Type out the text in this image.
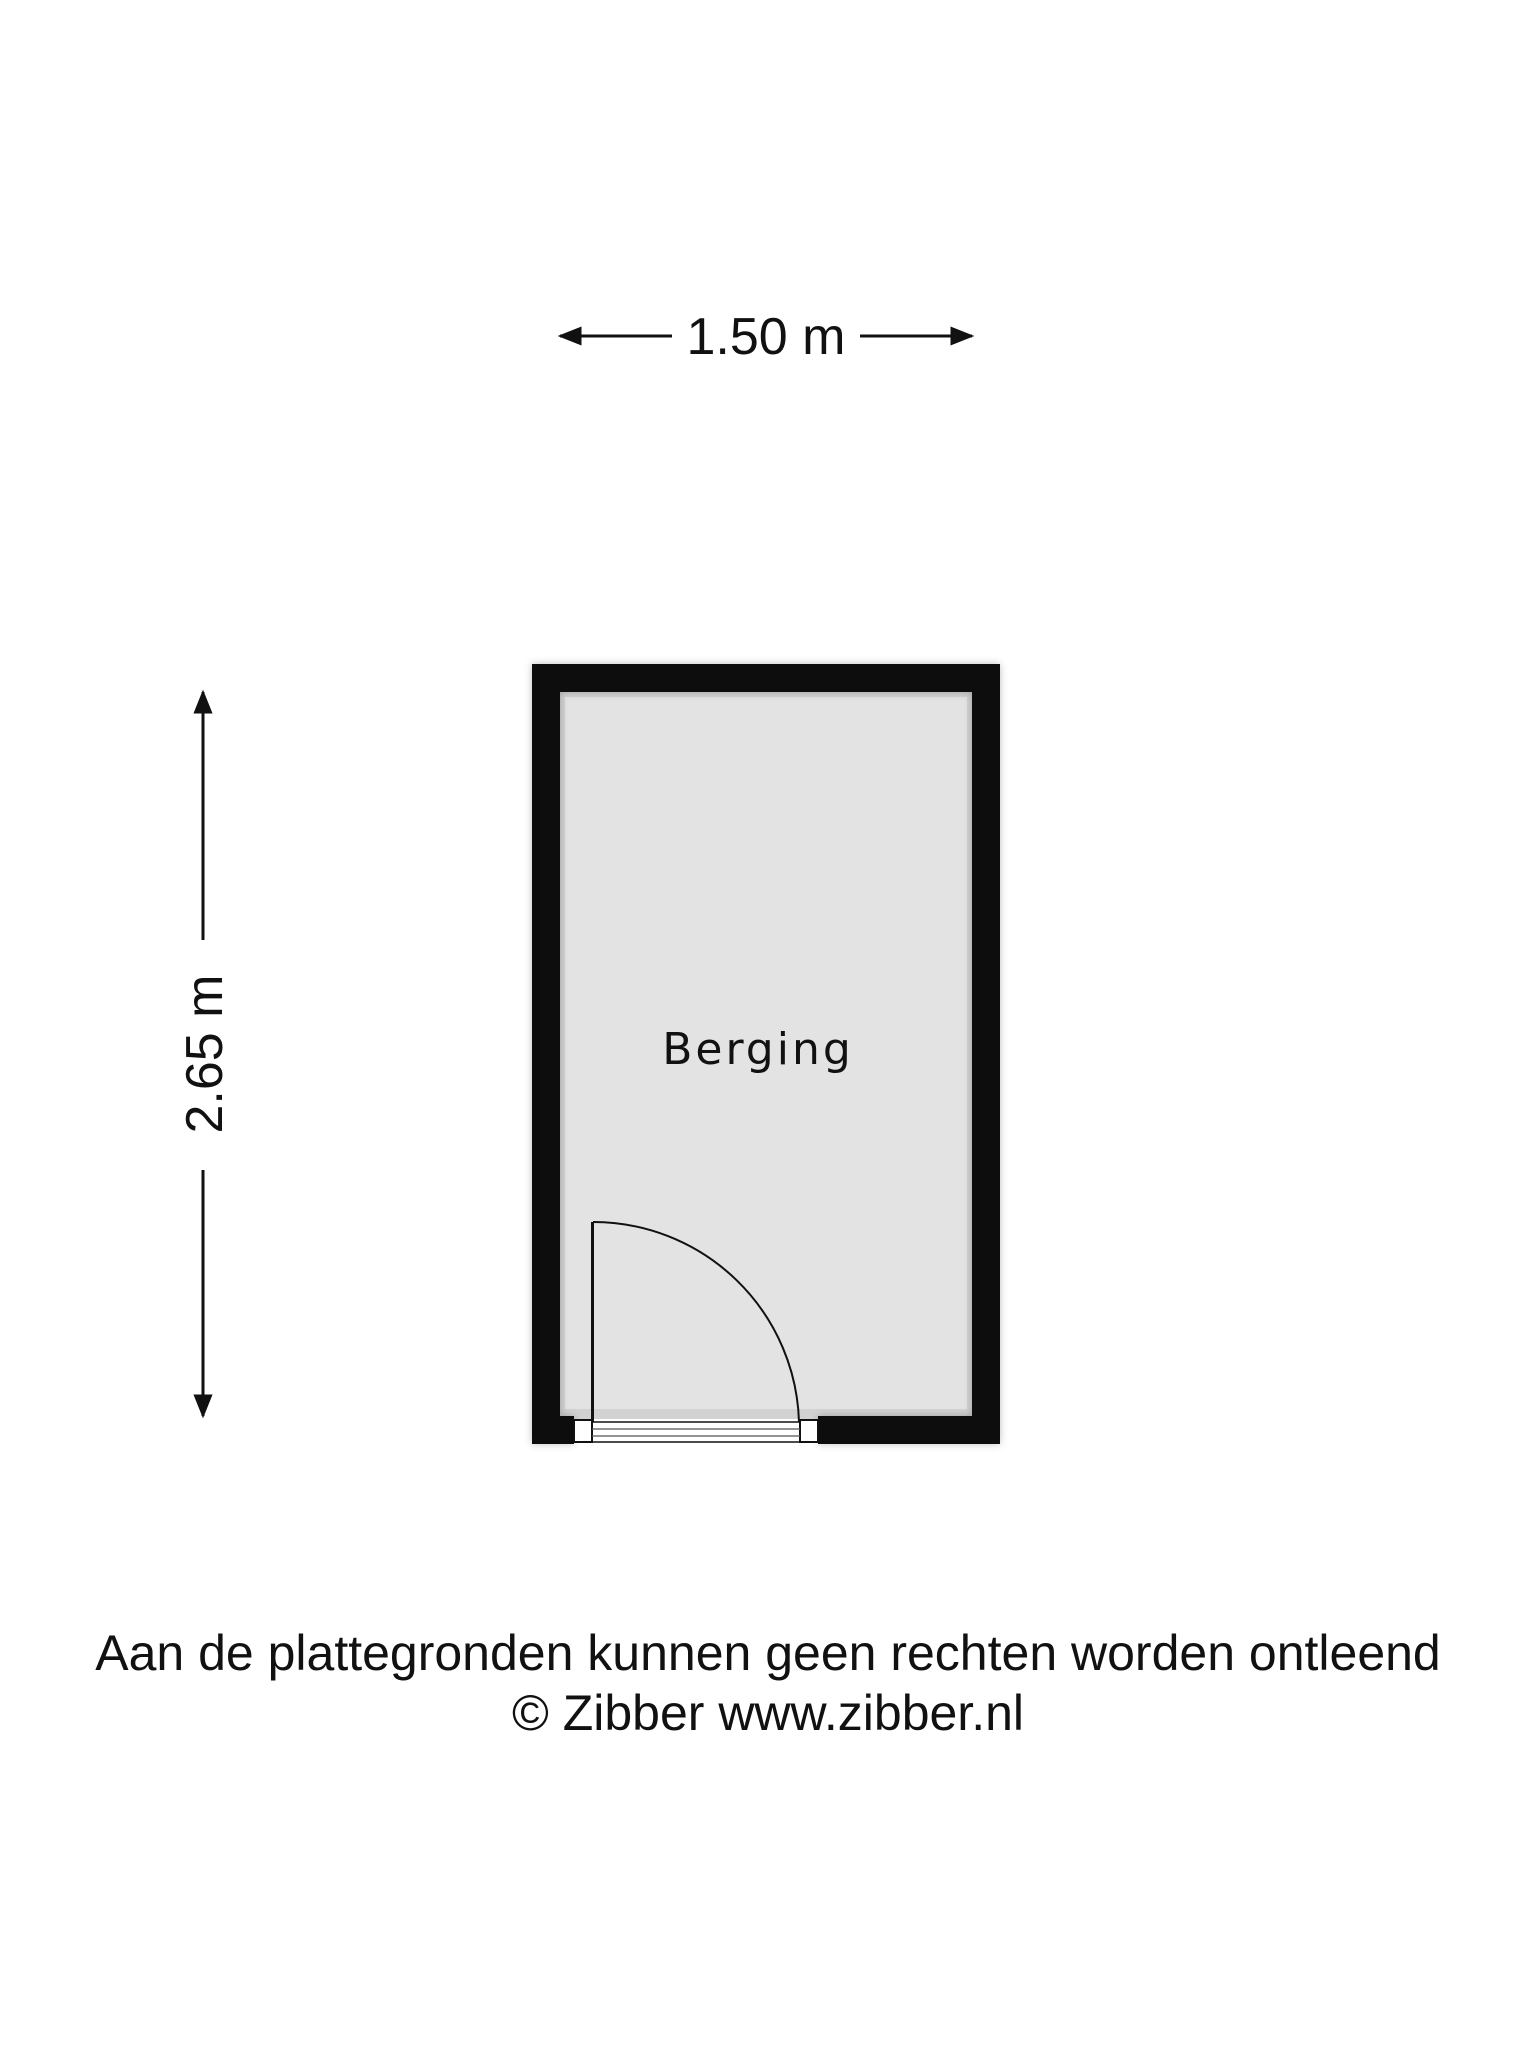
1.50 m
2.65 m	Berging
Aan de plattegronden kunnen geen rechten worden ontleend
© Zibber www.zibber.nl
